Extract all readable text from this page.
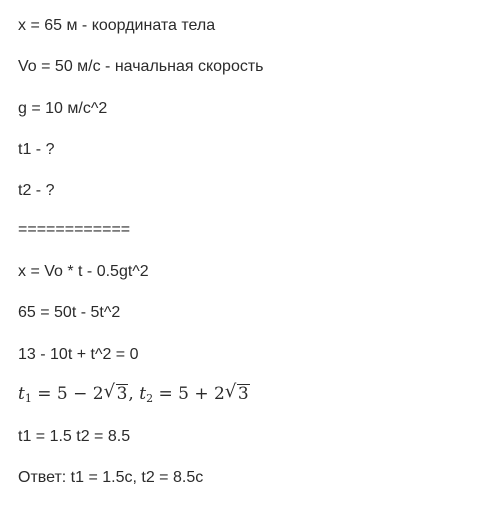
x = 65 м - координата тела
Vo = 50 м/с - начальная скорость
g = 10 м/с^2
t1 - ?
t2 - ?
============
x = Vo * t - 0.5gt^2
65 = 50t - 5t^2
13 - 10t + t^2 = 0
$t_1 = 5 - 2√$ 3, $t_2 = 5 + 2√$ 3
t1 = 1.5 t2 = 8.5
Ответ: t1 = 1.5c, t2 = 8.5c
